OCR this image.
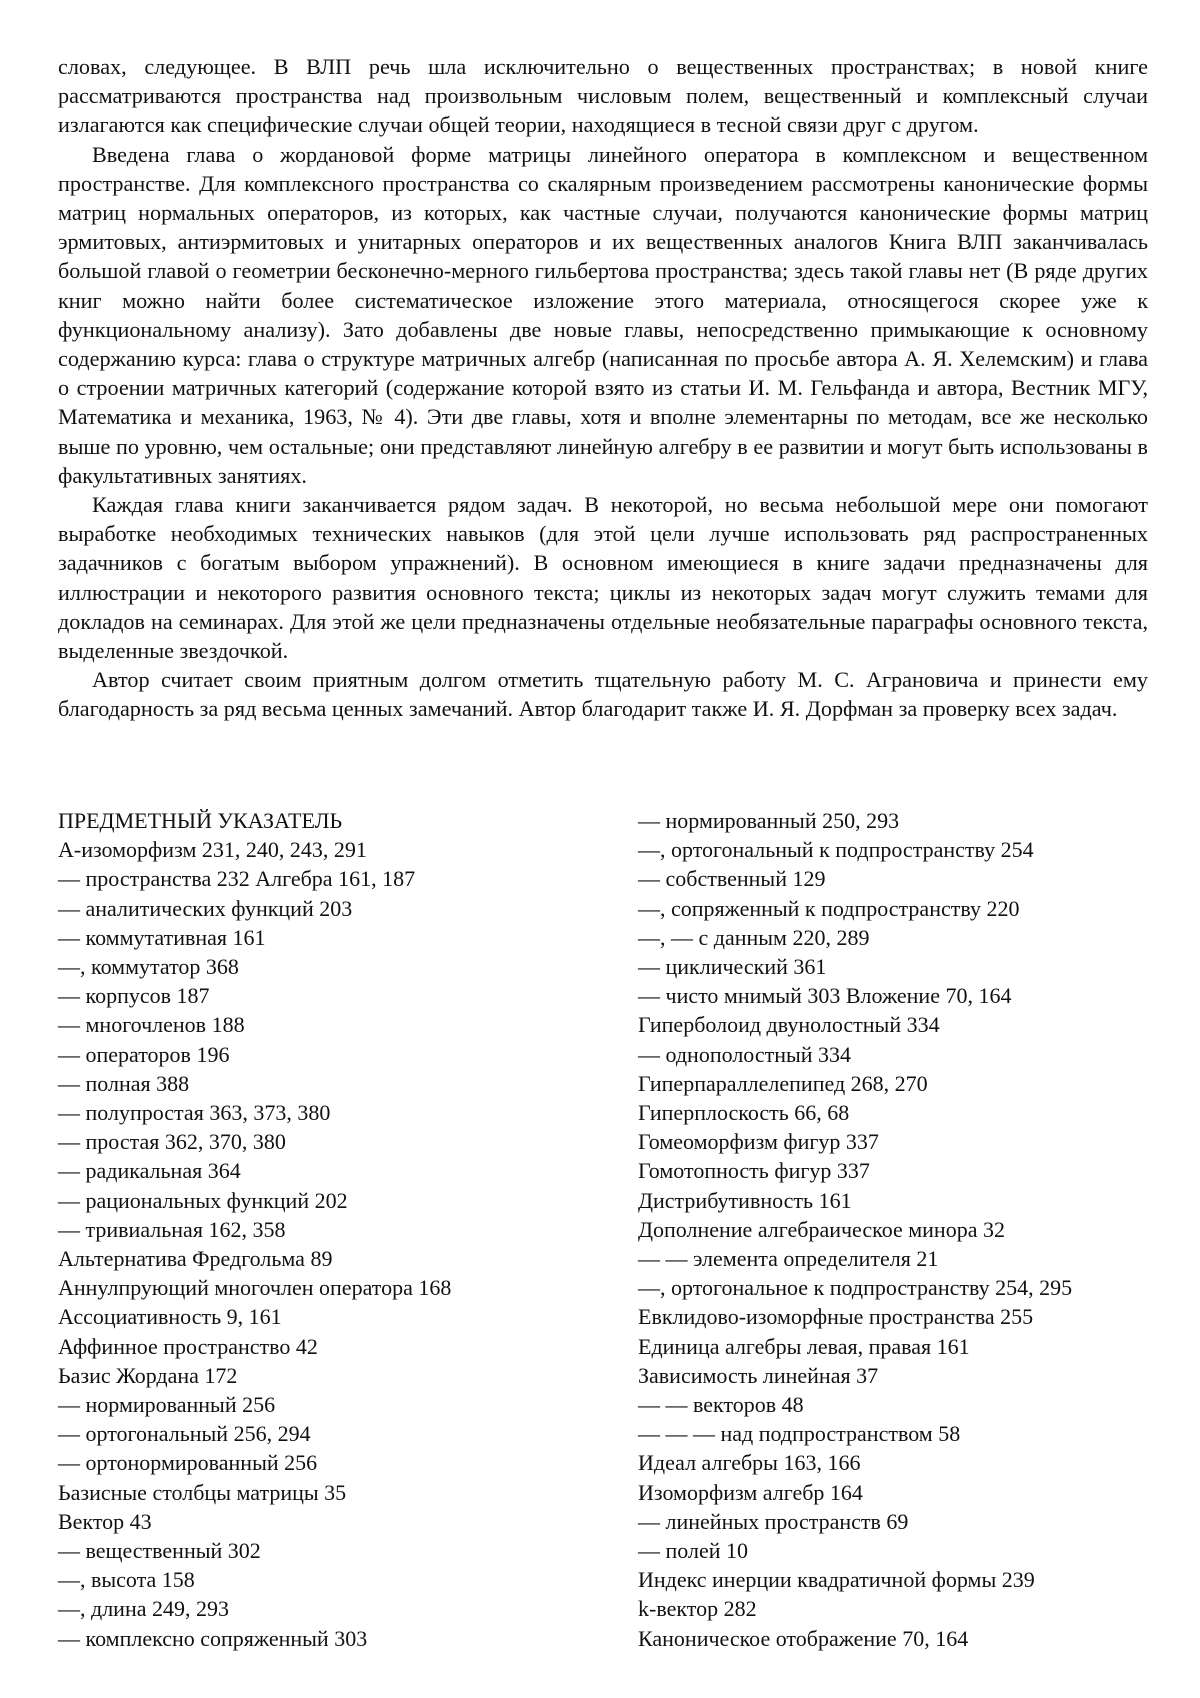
словах, следующее. В ВЛП речь шла исключительно о вещественных пространствах; в новой книге рассматриваются пространства над произвольным числовым полем, вещественный и комплексный случаи излагаются как специфические случаи общей теории, находящиеся в тесной связи друг с другом.

Введена глава о жордановой форме матрицы линейного оператора в комплексном и вещественном пространстве. Для комплексного пространства со скалярным произведением рассмотрены канонические формы матриц нормальных операторов, из которых, как частные случаи, получаются канонические формы матриц эрмитовых, антиэрмитовых и унитарных операторов и их вещественных аналогов Книга ВЛП заканчивалась большой главой о геометрии бесконечно-мерного гильбертова пространства; здесь такой главы нет (В ряде других книг можно найти более систематическое изложение этого материала, относящегося скорее уже к функциональному анализу). Зато добавлены две новые главы, непосредственно примыкающие к основному содержанию курса: глава о структуре матричных алгебр (написанная по просьбе автора А. Я. Хелемским) и глава о строении матричных категорий (содержание которой взято из статьи И. М. Гельфанда и автора, Вестник МГУ, Математика и механика, 1963, № 4). Эти две главы, хотя и вполне элементарны по методам, все же несколько выше по уровню, чем остальные; они представляют линейную алгебру в ее развитии и могут быть использованы в факультативных занятиях.

Каждая глава книги заканчивается рядом задач. В некоторой, но весьма небольшой мере они помогают выработке необходимых технических навыков (для этой цели лучше использовать ряд распространенных задачников с богатым выбором упражнений). В основном имеющиеся в книге задачи предназначены для иллюстрации и некоторого развития основного текста; циклы из некоторых задач могут служить темами для докладов на семинарах. Для этой же цели предназначены отдельные необязательные параграфы основного текста, выделенные звездочкой.

Автор считает своим приятным долгом отметить тщательную работу М. С. Аграновича и принести ему благодарность за ряд весьма ценных замечаний. Автор благодарит также И. Я. Дорфман за проверку всех задач.

ПРЕДМЕТНЫЙ УКАЗАТЕЛЬ
А-изоморфизм 231, 240, 243, 291
— пространства 232 Алгебра 161, 187
— аналитических функций 203
— коммутативная 161
—, коммутатор 368
— корпусов 187
— многочленов 188
— операторов 196
— полная 388
— полупростая 363, 373, 380
— простая 362, 370, 380
— радикальная 364
— рациональных функций 202
— тривиальная 162, 358
Альтернатива Фредгольма 89
Аннулпрующий многочлен оператора 168
Ассоциативность 9, 161
Аффинное пространство 42
Ьазис Жордана 172
— нормированный 256
— ортогональный 256, 294
— ортонормированный 256
Ьазисные столбцы матрицы 35
Вектор 43
— вещественный 302
—, высота 158
—, длина 249, 293
— комплексно сопряженный 303
— нормированный 250, 293
—, ортогональный к подпространству 254
— собственный 129
—, сопряженный к подпространству 220
—, — с данным 220, 289
— циклический 361
— чисто мнимый 303 Вложение 70, 164
Гиперболоид двунолостный 334
— однополостный 334
Гиперпараллелепипед 268, 270
Гиперплоскость 66, 68
Гомеоморфизм фигур 337
Гомотопность фигур 337
Дистрибутивность 161
Дополнение алгебраическое минора 32
— — элемента определителя 21
—, ортогональное к подпространству 254, 295
Евклидово-изоморфные пространства 255
Единица алгебры левая, правая 161
Зависимость линейная 37
— — векторов 48
— — — над подпространством 58
Идеал алгебры 163, 166
Изоморфизм алгебр 164
— линейных пространств 69
— полей 10
Индекс инерции квадратичной формы 239
k-вектор 282
Каноническое отображение 70, 164
